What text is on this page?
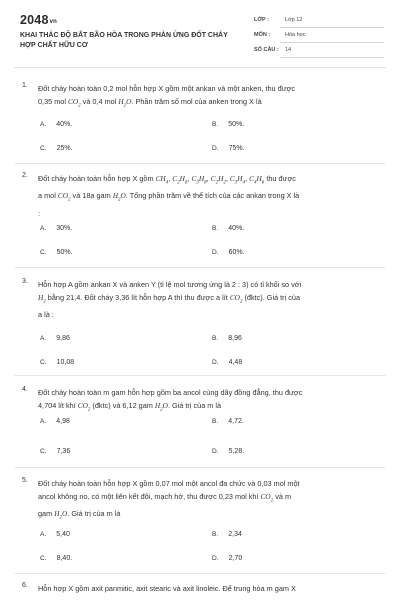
2048vn
KHAI THÁC ĐỘ BẤT BÃO HÒA TRONG PHẢN ỨNG ĐỐT CHÁY HỢP CHẤT HỮU CƠ
LỚP :	Lớp 12
MÔN :	Hóa học
SỐ CÂU : 14
1. Đốt cháy hoàn toàn 0,2 mol hỗn hợp X gồm một ankan và một anken, thu được
0,35 mol $CO_2$ và 0,4 mol $H_2O$. Phần trăm số mol của anken trong X là
A. 40%.	B. 50%.
C. 25%.	D. 75%.
2. Đốt cháy hoàn toàn hỗn hợp X gồm $CH_4$, $C_2H_6$, $C_3H_8$, $C_2H_2$, $C_3H_4$, $C_4H_6$ thu được
a mol $CO_2$ và 18a gam $H_2O$. Tổng phần trăm về thể tích của các ankan trong X là
:
A. 30%.	B. 40%.
C. 50%.	D. 60%.
3. Hỗn hợp A gồm ankan X và anken Y (tỉ lệ mol tương ứng là 2 : 3) có tỉ khối so với
$H_2$ bằng 21,4. Đốt cháy 3,36 lít hỗn hợp A thì thu được a lít $CO_2$ (đktc). Giá trị của
a là :
A. 9,86	B. 8,96
C. 10,08	D. 4,48
4. Đốt cháy hoàn toàn m gam hỗn hợp gồm ba ancol cùng dãy đồng đẳng, thu được
4,704 lít khí $CO_2$ (đktc) và 6,12 gam $H_2O$. Giá trị của m là
A. 4,98	B. 4,72.
C. 7,36	D. 5,28.
5. Đốt cháy hoàn toàn hỗn hợp X gồm 0,07 mol một ancol đa chức và 0,03 mol một
ancol không no, có một liên kết đôi, mạch hở, thu được 0,23 mol khí $CO_2$ và m
gam $H_2O$. Giá trị của m là
A. 5,40	B. 2,34
C. 8,40.	D. 2,70
6. Hỗn hợp X gồm axit panmitic, axit stearic và axit linoleic. Để trung hòa m gam X
